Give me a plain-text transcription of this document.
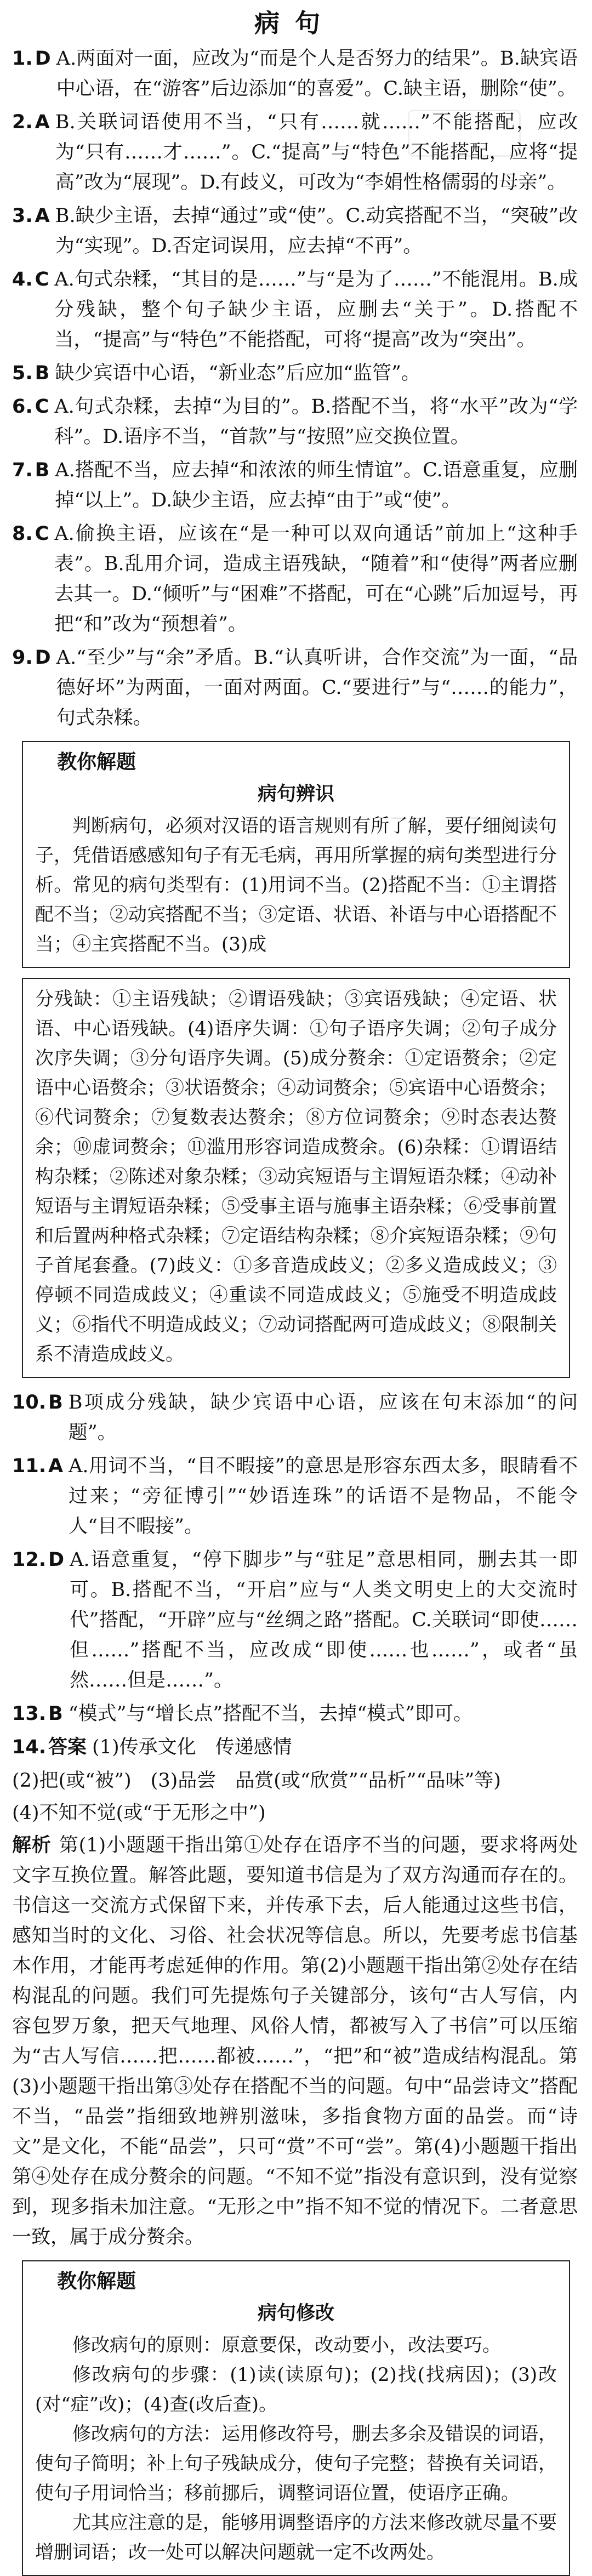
病句
1. D A.两面对一面，应改为“而是个人是否努力的结果”。B.缺宾语中心语，在“游客”后边添加“的喜爱”。C.缺主语，删除“使”。
2. A B.关联词语使用不当，“只有……就……”不能搭配，应改为“只有……才……”。C.“提高”与“特色”不能搭配，应将“提高”改为“展现”。D.有歧义，可改为“李娟性格儒弱的母亲”。
3. A B.缺少主语，去掉“通过”或“使”。C.动宾搭配不当，“突破”改为“实现”。D.否定词误用，应去掉“不再”。
4. C A.句式杂糅，“其目的是……”与“是为了……”不能混用。B.成分残缺，整个句子缺少主语，应删去“关于”。D.搭配不当，“提高”与“特色”不能搭配，可将“提高”改为“突出”。
5. B 缺少宾语中心语，“新业态”后应加“监管”。
6. C A.句式杂糅，去掉“为目的”。B.搭配不当，将“水平”改为“学科”。D.语序不当，“首款”与“按照”应交换位置。
7. B A.搭配不当，应去掉“和浓浓的师生情谊”。C.语意重复，应删掉“以上”。D.缺少主语，应去掉“由于”或“使”。
8. C A.偷换主语，应该在“是一种可以双向通话”前加上“这种手表”。B.乱用介词，造成主语残缺，“随着”和“使得”两者应删去其一。D.“倾听”与“困难”不搭配，可在“心跳”后加逗号，再把“和”改为“预想着”。
9. D A.“至少”与“余”矛盾。B.“认真听讲，合作交流”为一面，“品德好坏”为两面，一面对两面。C.“要进行”与“……的能力”，句式杂糅。
教你解题
病句辨识

判断病句，必须对汉语的语言规则有所了解，要仔细阅读句子，凭借语感感知句子有无毛病，再用所掌握的病句类型进行分析。常见的病句类型有：(1)用词不当。(2)搭配不当：①主谓搭配不当；②动宾搭配不当；③定语、状语、补语与中心语搭配不当；④主宾搭配不当。(3)成

分残缺：①主语残缺；②谓语残缺；③宾语残缺；④定语、状语、中心语残缺。(4)语序失调：①句子语序失调；②句子成分次序失调；③分句语序失调。(5)成分赘余：①定语赘余；②定语中心语赘余；③状语赘余；④动词赘余；⑤宾语中心语赘余；⑥代词赘余；⑦复数表达赘余；⑧方位词赘余；⑨时态表达赘余；⑩虚词赘余；⑪滥用形容词造成赘余。(6)杂糅：①谓语结构杂糅；②陈述对象杂糅；③动宾短语与主谓短语杂糅；④动补短语与主谓短语杂糅；⑤受事主语与施事主语杂糅；⑥受事前置和后置两种格式杂糅；⑦定语结构杂糅；⑧介宾短语杂糅；⑨句子首尾套叠。(7)歧义：①多音造成歧义；②多义造成歧义；③停顿不同造成歧义；④重读不同造成歧义；⑤施受不明造成歧义；⑥指代不明造成歧义；⑦动词搭配两可造成歧义；⑧限制关系不清造成歧义。

10. B B项成分残缺，缺少宾语中心语，应该在句末添加“的问题”。
11. A A.用词不当，“目不暇接”的意思是形容东西太多，眼睛看不过来；“旁征博引”“妙语连珠”的话语不是物品，不能令人“目不暇接”。
12. D A.语意重复，“停下脚步”与“驻足”意思相同，删去其一即可。B.搭配不当，“开启”应与“人类文明史上的大交流时代”搭配，“开辟”应与“丝绸之路”搭配。C.关联词“即使……但……”搭配不当，应改成“即使……也……”，或者“虽然……但是……”。
13. B “模式”与“增长点”搭配不当，去掉“模式”即可。
14. 答案 (1)传承文化　传递感情
(2)把(或“被”)　(3)品尝　品赏(或“欣赏”“品析”“品味”等)
(4)不知不觉(或“于无形之中”)
解析 第(1)小题题干指出第①处存在语序不当的问题，要求将两处文字互换位置。解答此题，要知道书信是为了双方沟通而存在的。书信这一交流方式保留下来，并传承下去，后人能通过这些书信，感知当时的文化、习俗、社会状况等信息。所以，先要考虑书信基本作用，才能再考虑延伸的作用。第(2)小题题干指出第②处存在结构混乱的问题。我们可先提炼句子关键部分，该句“古人写信，内容包罗万象，把天气地理、风俗人情，都被写入了书信”可以压缩为“古人写信……把……都被……”，“把”和“被”造成结构混乱。第(3)小题题干指出第③处存在搭配不当的问题。句中“品尝诗文”搭配不当，“品尝”指细致地辨别滋味，多指食物方面的品尝。而“诗文”是文化，不能“品尝”，只可“赏”不可“尝”。第(4)小题题干指出第④处存在成分赘余的问题。“不知不觉”指没有意识到，没有觉察到，现多指未加注意。“无形之中”指不知不觉的情况下。二者意思一致，属于成分赘余。
教你解题
病句修改

修改病句的原则：原意要保，改动要小，改法要巧。

修改病句的步骤：(1)读(读原句)；(2)找(找病因)；(3)改(对“症”改)；(4)查(改后查)。

修改病句的方法：运用修改符号，删去多余及错误的词语，使句子简明；补上句子残缺成分，使句子完整；替换有关词语，使句子用词恰当；移前挪后，调整词语位置，使语序正确。

尤其应注意的是，能够用调整语序的方法来修改就尽量不要增删词语；改一处可以解决问题就一定不改两处。
